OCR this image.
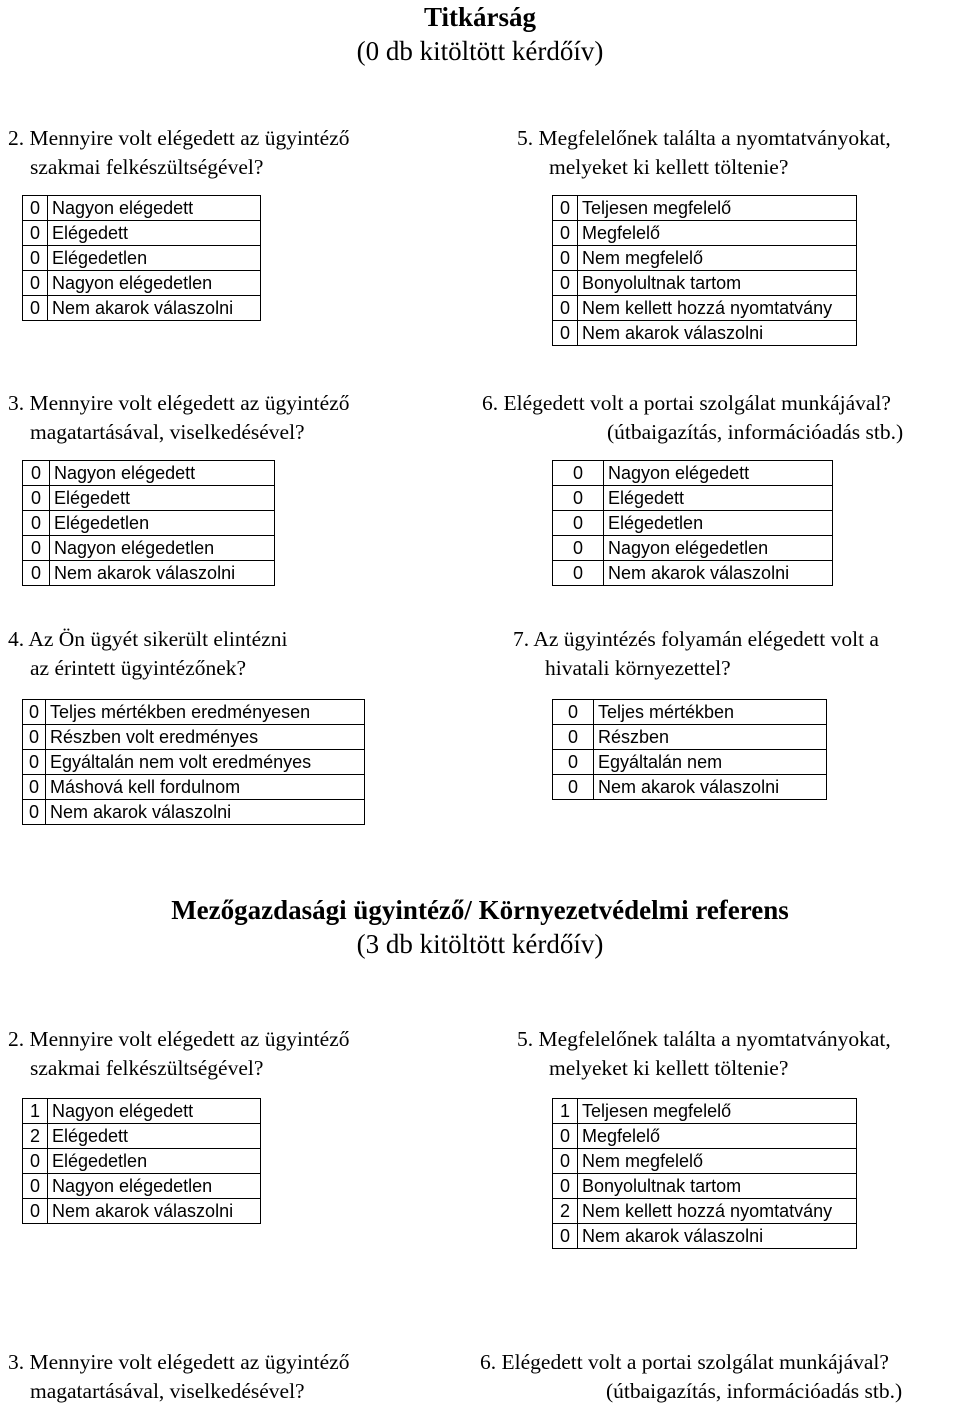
Titkárság
(0 db kitöltött kérdőív)
2. Mennyire volt elégedett az ügyintéző
szakmai felkészültségével?
0	Nagyon elégedett
0	Elégedett
0	Elégedetlen
0	Nagyon elégedetlen
0	Nem akarok válaszolni
5. Megfelelőnek találta a nyomtatványokat,
melyeket ki kellett töltenie?
0	Teljesen megfelelő
0	Megfelelő
0	Nem megfelelő
0	Bonyolultnak tartom
0	Nem kellett hozzá nyomtatvány
0	Nem akarok válaszolni
3. Mennyire volt elégedett az ügyintéző
magatartásával, viselkedésével?
0	Nagyon elégedett
0	Elégedett
0	Elégedetlen
0	Nagyon elégedetlen
0	Nem akarok válaszolni
6. Elégedett volt a portai szolgálat munkájával?
(útbaigazítás, információadás stb.)
0	Nagyon elégedett
0	Elégedett
0	Elégedetlen
0	Nagyon elégedetlen
0	Nem akarok válaszolni
4. Az Ön ügyét sikerült elintézni
az érintett ügyintézőnek?
0	Teljes mértékben eredményesen
0	Részben volt eredményes
0	Egyáltalán nem volt eredményes
0	Máshová kell fordulnom
0	Nem akarok válaszolni
7. Az ügyintézés folyamán elégedett volt a
hivatali környezettel?
0	Teljes mértékben
0	Részben
0	Egyáltalán nem
0	Nem akarok válaszolni
Mezőgazdasági ügyintéző/ Környezetvédelmi referens
(3 db kitöltött kérdőív)
2. Mennyire volt elégedett az ügyintéző
szakmai felkészültségével?
1	Nagyon elégedett
2	Elégedett
0	Elégedetlen
0	Nagyon elégedetlen
0	Nem akarok válaszolni
5. Megfelelőnek találta a nyomtatványokat,
melyeket ki kellett töltenie?
1	Teljesen megfelelő
0	Megfelelő
0	Nem megfelelő
0	Bonyolultnak tartom
2	Nem kellett hozzá nyomtatvány
0	Nem akarok válaszolni
3. Mennyire volt elégedett az ügyintéző
magatartásával, viselkedésével?
6. Elégedett volt a portai szolgálat munkájával?
(útbaigazítás, információadás stb.)
